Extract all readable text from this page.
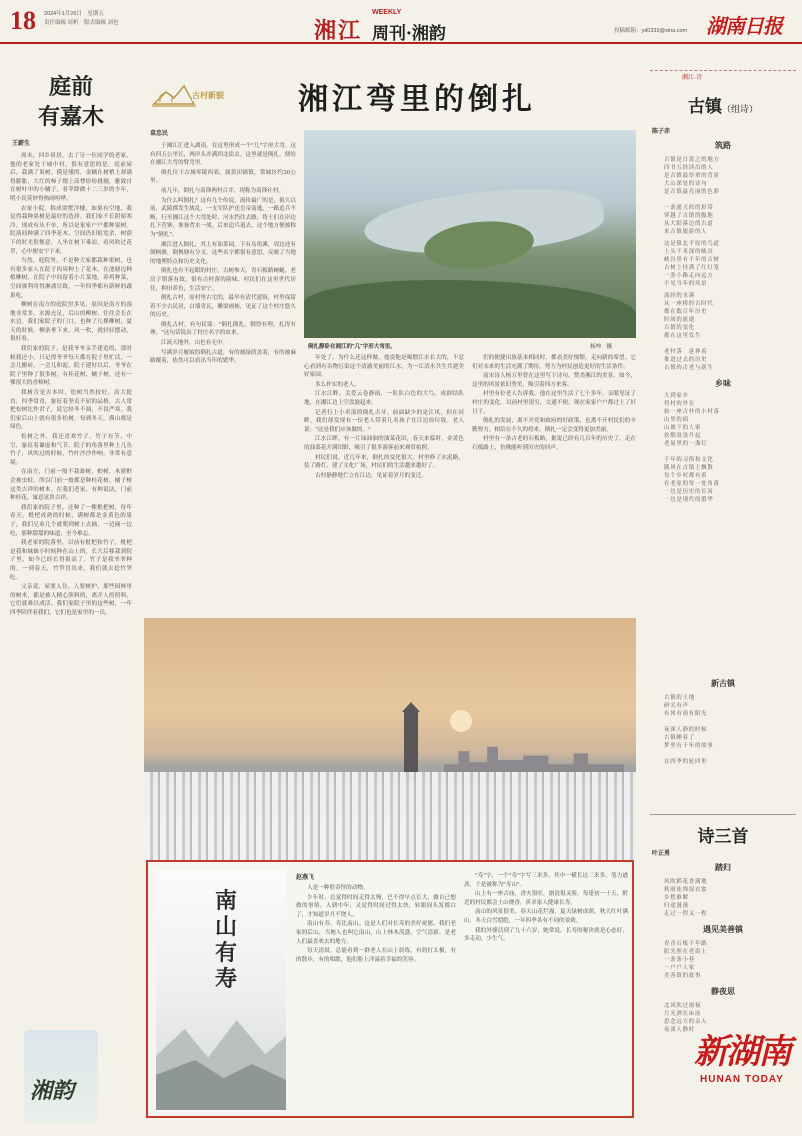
18 2024年1月26日　星期五
责任编辑 周析　版式编辑 刘也	湘江
WEEKLY
周刊·湘韵	投稿邮箱：yd0333@sina.com 湖南日报
庭前
有嘉木
王薪生

周末，回乡祖居。去了另一位同学的老家，他的老家处于城中村，很有意思的是，庭前屋后，栽满了果树。摸是矮的，金橘在树梢上却满得膨胀，大红的柿子缀上高悸纷纷挑剔，雅致自在树叶中的小橘子，看苹降做十二三岁的少年，明小民英妙得热闹喧哗。

农家小院，称成别墅洋楼，如果有空地，我觉得栽种果树是最好的选择。我们家不长阴暗寒冷，现成有从不单，所以是家家户户都种果树。院落间种满了四季花木，空间仍旧很宽余，树荫下的时光很惬意，人坐在树下乘凉，看风吹过花草，心中便安宁下来。

当然，庭院里，不是种大家都栽种果树，也有很多家人在院子四周种上了花木，在池塘边种植柳树，在院子中间留着小片菜地，养鸡种菜，空间被利用得淋漓尽致，一年四季都有新鲜的蔬果吃。

柳树在南方的庭院里多见，原因是南方的湿地非常多，水源充足，后山的柳树，往往会长在水边。我们家院子的门口，也种了几棵柳树，夏天的时候，柳条垂下来，风一吹，就轻轻摆动，很好看。

我们家的院子，是我爷爷亲手建造的，那时候我还小，只记得爷爷每天都在院子里忙活，一会儿搬砖，一会儿和泥。院子建好以后，爷爷在院子里种了很多树，有桂花树、橘子树，还有一棵很大的香樟树。

我树否是否本时，松树当然较好，高大挺直，四季常青，象征着坚贞不屈的品格。古人常把松树比作君子，说它经冬不凋，不畏严寒。我们家后山上就有很多松树，每到冬天，满山都是绿色。

松树之外，我还喜欢竹子。竹子有节，中空，象征着谦虚和气节。院子的角落里种上几丛竹子，风吹过的时候，竹叶沙沙作响，非常有意境。

在南方，门前一般不栽桑树，柏树，木窗框会被虫蛀，所以门前一般都是种桂花树、橘子树这类吉祥的树木。在我们老家，有种说法，门前种桂花，寓意富贵吉祥。

我们家的院子里，还种了一棵枇杷树，每年春天，枇杷成熟的时候，满树都是金黄色的果子，我们兄弟几个就爬到树上去摘，一边摘一边吃，那种甜甜的味道，至今难忘。

我老家的院落里，以前有枇杷和竹子，枇杷是我和妹妹小时候种在山上的，长大后移栽到院子里，如今已经长得很高了。竹子是我爷爷种的，一到春天，竹笋冒出来，我们就去挖竹笋吃。

父亲说，屋要人住，人要树护。那些园林里的树木，都是被人精心照料的，离开人的照料，它们就难以成活。我们家院子里的这些树，一年四季陪伴着我们，它们也是家里的一员。

湘韵
古村新貌 湘江弯里的倒扎
袁忠民

于湘江汇进入湖南，在这里形成一个"几"字形大弯。这有四五公里长，两岸头并满四北街去。这里就是倒扎，便给在湘江大弯的臂弯里。

倒扎位于古城零陵西郊，属黄田铺镇，常城区约30公里。

前几年，倒扎与南锋两村合并，现称为南锋社村。

为什么叫倒扎？这有几个传说，流传最广的是，很久以前，武陵郡发生战乱，一支军队护送皇帝南逃，一路追兵不断，行至湘江这个大弯处时，河水挡住去路，将士们在岸边扎下营寨，准备背水一战。后来追兵退去，这个地方便被称为"倒扎"。

湘江进入倒扎，其上有油茶园，下有岛角滩，周边还有倒枫塘，倒枫塘有分支。这些名字都很有意思，反映了当地的地理特点和历史文化。

倒扎也有不起眼的村庄，古树参天，青石板路蜿蜒，老房子错落有致，很有古村落的韵味。村民们在这里世代居住，种田养鱼，生活安宁。

倒扎古村，原村里古宅的，最早有清代建筑，村里保留着不少古民居，白墙青瓦，雕梁画栋，见证了这个村庄悠久的历史。

倒扎古村，有句民谣："倒扎倒扎，倒得有理，扎得有理。"这句话说出了村庄名字的由来。

江流天地外，山色有无中。

写满岁月履痕的倒扎古道，有的被绿荫盖着，有的被麻路覆着，依然可以看出当年的繁华。

倒扎静卧在湘江的"几"字形大弯里。	杨坤　摄

年处了。为什么还这样做，他说他是喝惯江水长大的，不忍心看到有杂物污染这个清澈美丽的江水，为一江清水共生共建美好家园。

多么朴实的老人。

江水江畔，关爱云卷静雨，一队队白色的大鸟，成群结队地，在湘江边上空盘旋起来。

记者行上小卖部的倒扎古牙。前面缺少的是江风，但在河畔，我们却发现有一位老人带着几名孩子在江边捡垃圾。老人说："这是我们应该做的。"

江水江畔，有一片绿油油的油菜花田，春天来临时，金黄色的油菜花开满田野，吸引了很多游客前来观赏拍照。

村民们说，近几年来，倒扎的变化很大。村里修了水泥路，装了路灯，建了文化广场，村民们的生活越来越好了。

古村静静地伫立在江边，见证着岁月的变迁。

们的便捷出族基本相同时，都看美好憧憬，走向新的希望。它们对未来的生活充满了期待，努力为村民创造更好的生活条件。

南宋诗人杨万里曾在这里写下诗句，赞美湘江的美景。如今，这里的风景依旧秀美，吸引着四方来客。

村里有位老人告诉我，他在这里生活了七十多年，亲眼见证了村庄的变化。以前村里很穷，交通不便，现在家家户户都过上了好日子。

倒扎的发展，离不开党和政府的好政策，也离不开村民们的辛勤努力。相信在不久的将来，倒扎一定会变得更加美丽。

村里有一条古老的石板路，据说已经有几百年的历史了。走在石板路上，仿佛能听到历史的回声。

南山有寿
赵燕飞

人是一种很奇怪的动物。

少年时，总觉得时间走得太慢，巴不得早点长大，做自己想做的事情。人到中年，又觉得时间过得太快，转眼间头发都白了，才知道岁月不饶人。

南山有寿，寿比南山。这是人们对长寿的美好祝愿。我们老家的后山，当地人也叫它南山，山上林木茂盛，空气清新，是老人们最喜欢去的地方。

每天清晨，总能看到一群老人在山上晨练，有的打太极，有的散步，有的唱歌，他们脸上洋溢着幸福的笑容。

"寿"字，一个"寿"字写三米多，其中一横长达三米多，笔力遒劲，于是被称为"寿山"。

山上有一座古庙，香火很旺，据说很灵验。每逢初一十五，附近的村民都会上山烧香，祈求家人健康长寿。

南山的风景很美，春天山花烂漫，夏天绿树成荫，秋天红叶满山，冬天白雪皑皑，一年四季各有不同的景致。

我的外婆活到了九十六岁，她常说，长寿的秘诀就是心态好，多走动，少生气。

湘江·诗
古镇（组诗）
陈子赤
筑路
古镇是日说之的地方
四书五经读出的人
是古镇最厚重的背景
大山深处的诗句
是古镇最亮丽的色彩

一条通天似的彩带
穿越了古镇的腹地
从大阳溪边的古道
来古镇旅游的人
这是镇北平原的鸟道
上头千米深的峡谷
峡谷里有千年的古树
古树上挂满了红灯笼
一条小路走向远方
不见当年的风景
流经的水溪
从一座桥的古时代
都在数百年历史
时间的流逝
古镇的变化
都在这里发生

老村落　延伸着
推进过去的历史
古镇的古老与新生
乡味
大到家乡
将村的外在
如一座古朴的小村落
山里的面
山坡下的人家
炊烟袅袅升起
老屋里的一盏灯

千年的习俗和文化
随风在古镇上飘散
每个乡村都有着
在老家的每一处角落
一边是历史的长河
一边是现代的繁华
新古镇
古镇的土地
研究有声
有风有雨有阳光

夜深人静的时候
古镇睡着了
梦里有千年的故事

在四季的轮回里
诗三首
叶正勇
踏归
风吹稻花香满地
秋雨连绵湿衣裳
乡愁难解
归途漫漫
走过一程又一程
遇见美善镇
青青石板千年路
阳光照在老街上
一条条小巷
一户户人家
美善镇的故事
静夜思
北风吹过窗棂
月光洒在床前
思念远方的亲人
夜深人静时
新湖南
HUNAN TODAY
